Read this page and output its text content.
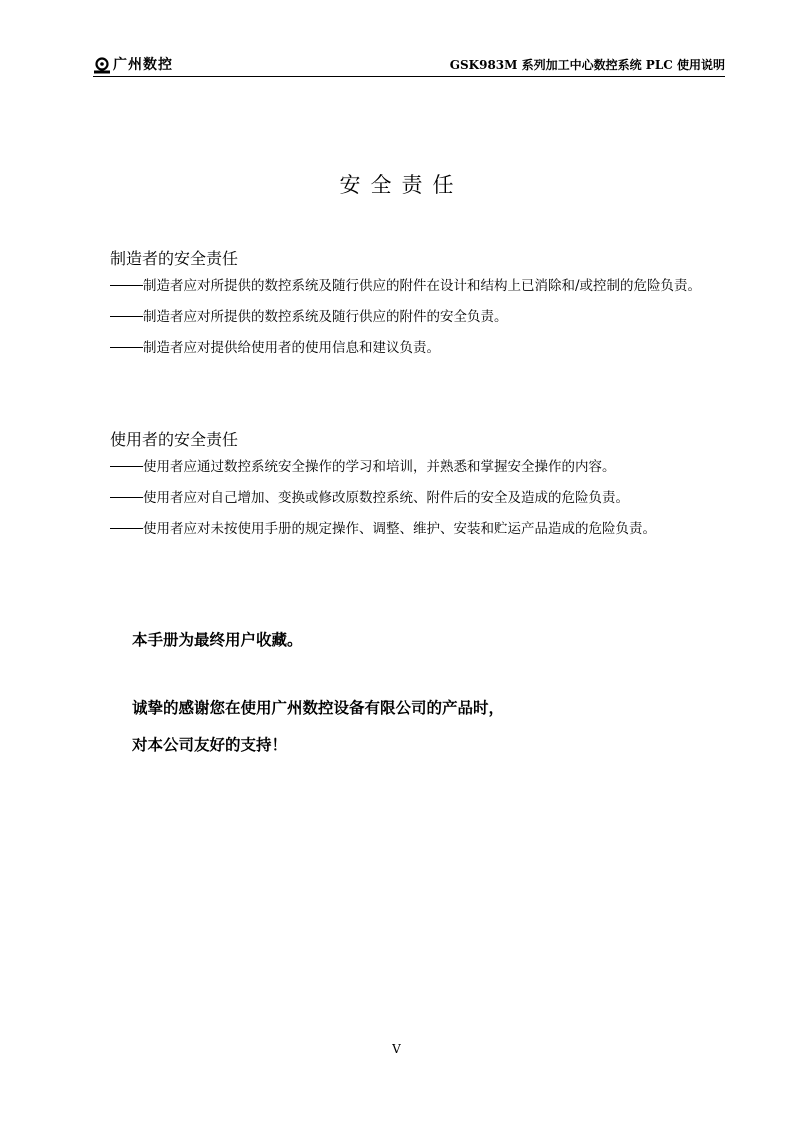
广州数控	GSK983M 系列加工中心数控系统 PLC 使用说明
安全责任
制造者的安全责任
制造者应对所提供的数控系统及随行供应的附件在设计和结构上已消除和/或控制的危险负责。
制造者应对所提供的数控系统及随行供应的附件的安全负责。
制造者应对提供给使用者的使用信息和建议负责。
使用者的安全责任
使用者应通过数控系统安全操作的学习和培训，并熟悉和掌握安全操作的内容。
使用者应对自己增加、变换或修改原数控系统、附件后的安全及造成的危险负责。
使用者应对未按使用手册的规定操作、调整、维护、安装和贮运产品造成的危险负责。
本手册为最终用户收藏。
诚挚的感谢您在使用广州数控设备有限公司的产品时，
对本公司友好的支持！
V
